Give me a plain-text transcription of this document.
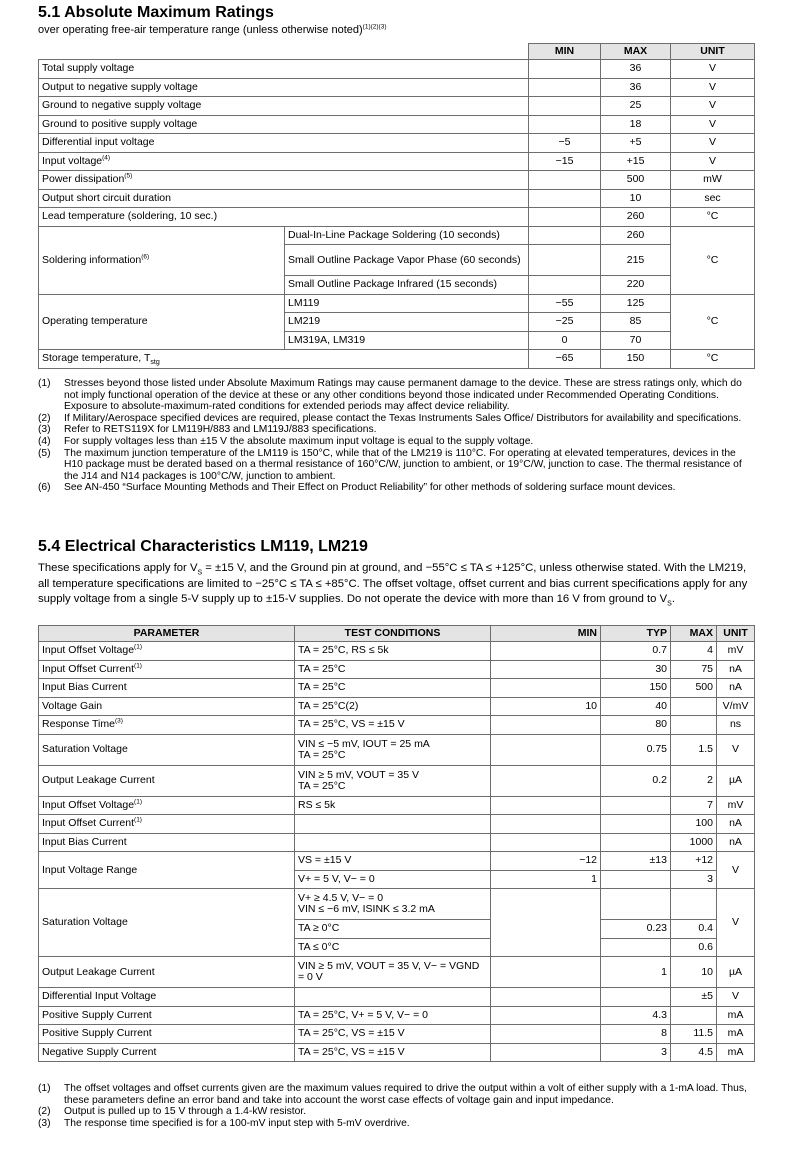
5.1 Absolute Maximum Ratings
over operating free-air temperature range (unless otherwise noted)$^{(1)(2)(3)}$
		MIN	MAX	UNIT
Total supply voltage			36	V
Output to negative supply voltage			36	V
Ground to negative supply voltage			25	V
Ground to positive supply voltage			18	V
Differential input voltage		−5	+5	V
Input voltage$^{(4)}$		−15	+15	V
Power dissipation$^{(5)}$			500	mW
Output short circuit duration			10	sec
Lead temperature (soldering, 10 sec.)			260	°C
Soldering information$^{(6)}$	Dual-In-Line Package Soldering (10 seconds)		260	°C
	Small Outline Package Vapor Phase (60 seconds)		215	
	Small Outline Package Infrared (15 seconds)		220	
Operating temperature	LM119	−55	125	°C
	LM219	−25	85	
	LM319A, LM319	0	70	
Storage temperature, $T_{stg}$		−65	150	°C
(1)	Stresses beyond those listed under Absolute Maximum Ratings may cause permanent damage to the device. These are stress ratings only, which do not imply functional operation of the device at these or any other conditions beyond those indicated under Recommended Operating Conditions. Exposure to absolute-maximum-rated conditions for extended periods may affect device reliability.
(2)	If Military/Aerospace specified devices are required, please contact the Texas Instruments Sales Office/ Distributors for availability and specifications.
(3)	Refer to RETS119X for LM119H/883 and LM119J/883 specifications.
(4)	For supply voltages less than ±15 V the absolute maximum input voltage is equal to the supply voltage.
(5)	The maximum junction temperature of the LM119 is 150°C, while that of the LM219 is 110°C. For operating at elevated temperatures, devices in the H10 package must be derated based on a thermal resistance of 160°C/W, junction to ambient, or 19°C/W, junction to case. The thermal resistance of the J14 and N14 packages is 100°C/W, junction to ambient.
(6)	See AN-450 “Surface Mounting Methods and Their Effect on Product Reliability” for other methods of soldering surface mount devices.
5.4 Electrical Characteristics LM119, LM219
These specifications apply for $V_S = \pm 15$ V, and the Ground pin at ground, and −55°C ≤ TA ≤ +125°C, unless otherwise stated. With the LM219, all temperature specifications are limited to −25°C ≤ TA ≤ +85°C. The offset voltage, offset current and bias current specifications apply for any supply voltage from a single 5-V supply up to ±15-V supplies. Do not operate the device with more than 16 V from ground to $V_S$.
PARAMETER	TEST CONDITIONS	MIN	TYP	MAX	UNIT
Input Offset Voltage$^{(1)}$	TA = 25°C, RS ≤ 5k		0.7	4	mV
Input Offset Current$^{(1)}$	TA = 25°C		30	75	nA
Input Bias Current	TA = 25°C		150	500	nA
Voltage Gain	TA = 25°C(2)	10	40		V/mV
Response Time$^{(3)}$	TA = 25°C, VS = ±15 V		80		ns
Saturation Voltage	VIN ≤ −5 mV, IOUT = 25 mA
TA = 25°C		0.75	1.5	V
Output Leakage Current	VIN ≥ 5 mV, VOUT = 35 V
TA = 25°C		0.2	2	µA
Input Offset Voltage$^{(1)}$	RS ≤ 5k			7	mV
Input Offset Current$^{(1)}$				100	nA
Input Bias Current				1000	nA
Input Voltage Range	VS = ±15 V	−12	±13	+12	V
	V+ = 5 V, V− = 0	1		3	
Saturation Voltage	V+ ≥ 4.5 V, V− = 0
VIN ≤ −6 mV, ISINK ≤ 3.2 mA				V
	TA ≥ 0°C		0.23	0.4	
	TA ≤ 0°C			0.6	
Output Leakage Current	VIN ≥ 5 mV, VOUT = 35 V, V− = VGND
= 0 V		1	10	µA
Differential Input Voltage				±5	V
Positive Supply Current	TA = 25°C, V+ = 5 V, V− = 0		4.3		mA
Positive Supply Current	TA = 25°C, VS = ±15 V		8	11.5	mA
Negative Supply Current	TA = 25°C, VS = ±15 V		3	4.5	mA
(1)	The offset voltages and offset currents given are the maximum values required to drive the output within a volt of either supply with a 1-mA load. Thus, these parameters define an error band and take into account the worst case effects of voltage gain and input impedance.
(2)	Output is pulled up to 15 V through a 1.4-kW resistor.
(3)	The response time specified is for a 100-mV input step with 5-mV overdrive.
